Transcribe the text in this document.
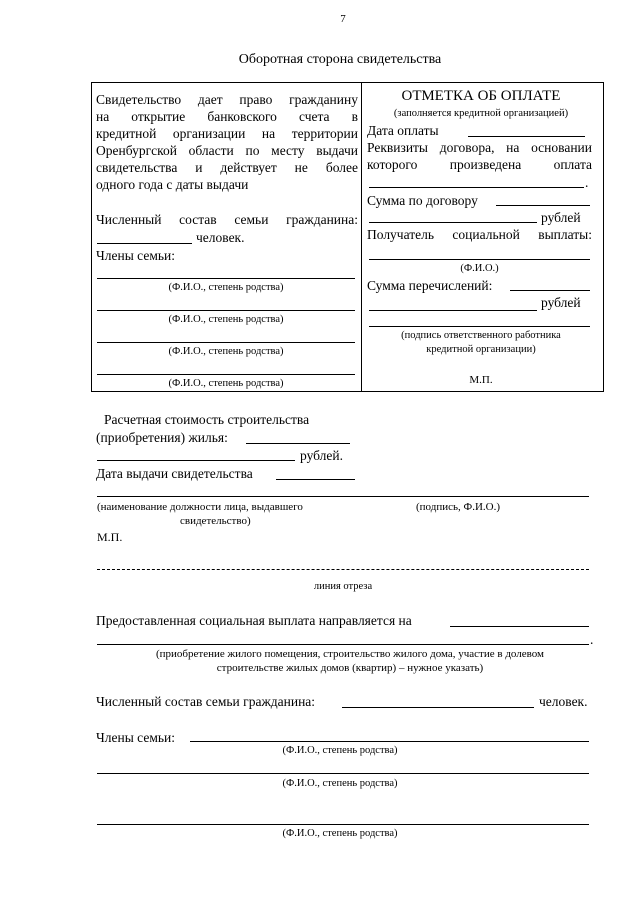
7
Оборотная сторона свидетельства
Свидетельство дает право гражданину
на открытие банковского счета в
кредитной организации на территории
Оренбургской области по месту выдачи
свидетельства и действует не более
одного года с даты выдачи
Численный состав семьи гражданина:
человек.
Члены семьи:
(Ф.И.О., степень родства)
(Ф.И.О., степень родства)
(Ф.И.О., степень родства)
(Ф.И.О., степень родства)
ОТМЕТКА ОБ ОПЛАТЕ
(заполняется кредитной организацией)
Дата оплаты
Реквизиты договора, на основании
которого произведена оплата
.
Сумма по договору
рублей
Получатель социальной выплаты:
(Ф.И.О.)
Сумма перечислений:
рублей
(подпись ответственного работника
кредитной организации)
М.П.
Расчетная стоимость строительства
(приобретения) жилья:
рублей.
Дата выдачи свидетельства
(наименование должности лица, выдавшего
свидетельство)
(подпись, Ф.И.О.)
М.П.
линия отреза
Предоставленная социальная выплата направляется на
.
(приобретение жилого помещения, строительство жилого дома, участие в долевом
строительстве жилых домов (квартир) – нужное указать)
Численный состав семьи гражданина:	человек.
Члены семьи:
(Ф.И.О., степень родства)
(Ф.И.О., степень родства)
(Ф.И.О., степень родства)
